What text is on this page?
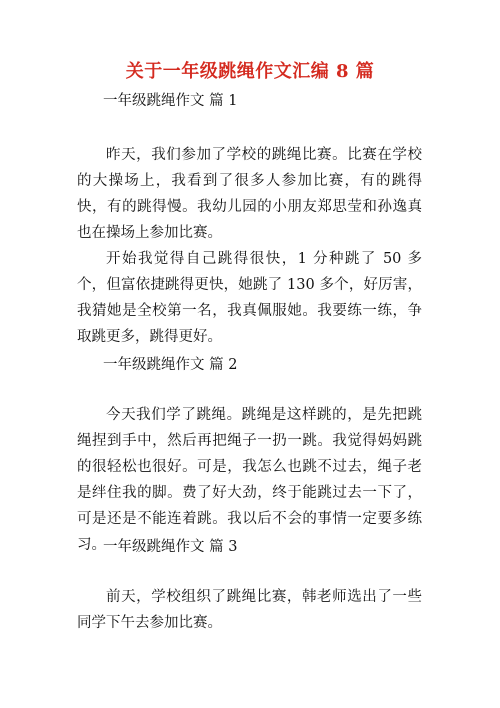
关于一年级跳绳作文汇编 8 篇
一年级跳绳作文 篇 1

昨天，我们参加了学校的跳绳比赛。比赛在学校的大操场上，我看到了很多人参加比赛，有的跳得快，有的跳得慢。我幼儿园的小朋友郑思莹和孙逸真也在操场上参加比赛。

开始我觉得自己跳得很快，1 分种跳了 50 多个，但富依捷跳得更快，她跳了 130 多个，好厉害，我猜她是全校第一名，我真佩服她。我要练一练，争取跳更多，跳得更好。

一年级跳绳作文 篇 2

今天我们学了跳绳。跳绳是这样跳的，是先把跳绳捏到手中，然后再把绳子一扔一跳。我觉得妈妈跳的很轻松也很好。可是，我怎么也跳不过去，绳子老是绊住我的脚。费了好大劲，终于能跳过去一下了，可是还是不能连着跳。我以后不会的事情一定要多练习。

一年级跳绳作文 篇 3

前天，学校组织了跳绳比赛，韩老师选出了一些同学下午去参加比赛。
